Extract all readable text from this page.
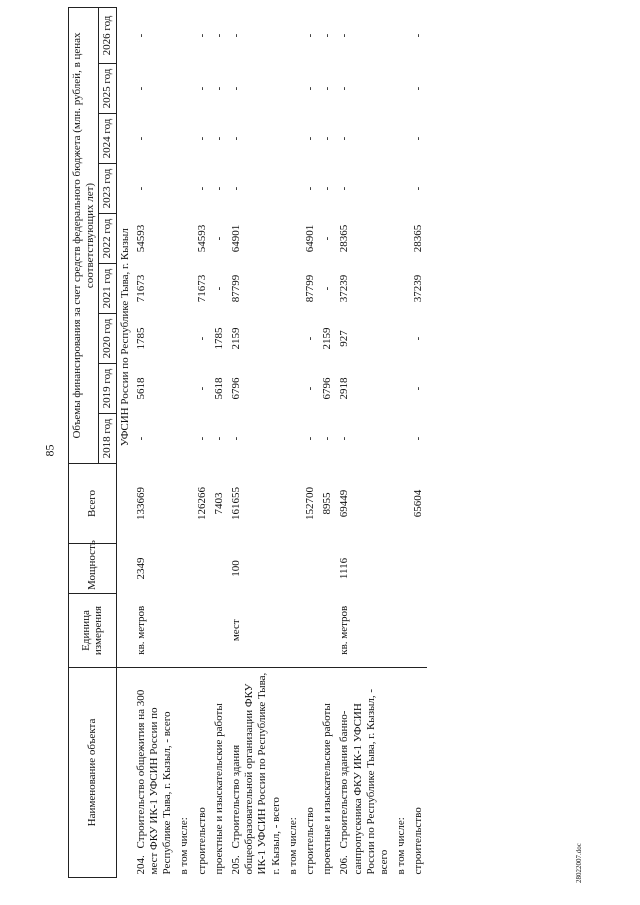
85
28022007.doc
Наименование объекта	Единица измерения	Мощность	Всего	Объемы финансирования за счет средств федерального бюджета (млн. рублей, в ценах соответствующих лет)								
				2018 год	2019 год	2020 год	2021 год	2022 год	2023 год	2024 год	2025 год	2026 год
	УФСИН России по Республике Тыва, г. Кызыл											
204.Строительство общежития на 300 мест ФКУ ИК-1 УФСИН России по Республике Тыва, г. Кызыл, - всего	кв. метров	2349	133669	-	5618	1785	71673	54593	-	-	-	-
в том числе:												
строительство			126266	-	-	-	71673	54593	-	-	-	-
проектные и изыскательские работы			7403	-	5618	1785	-	-	-	-	-	-
205.Строительство здания общеобразовательной организации ФКУ ИК-1 УФСИН России по Республике Тыва, г. Кызыл, - всего	мест	100	161655	-	6796	2159	87799	64901	-	-	-	-
в том числе:												
строительство			152700	-	-	-	87799	64901	-	-	-	-
проектные и изыскательские работы			8955	-	6796	2159	-	-	-	-	-	-
206.Строительство здания банно-санпропускника ФКУ ИК-1 УФСИН России по Республике Тыва, г. Кызыл, - всего	кв. метров	1116	69449	-	2918	927	37239	28365	-	-	-	-
в том числе:												
строительство			65604	-	-	-	37239	28365	-	-	-	-
